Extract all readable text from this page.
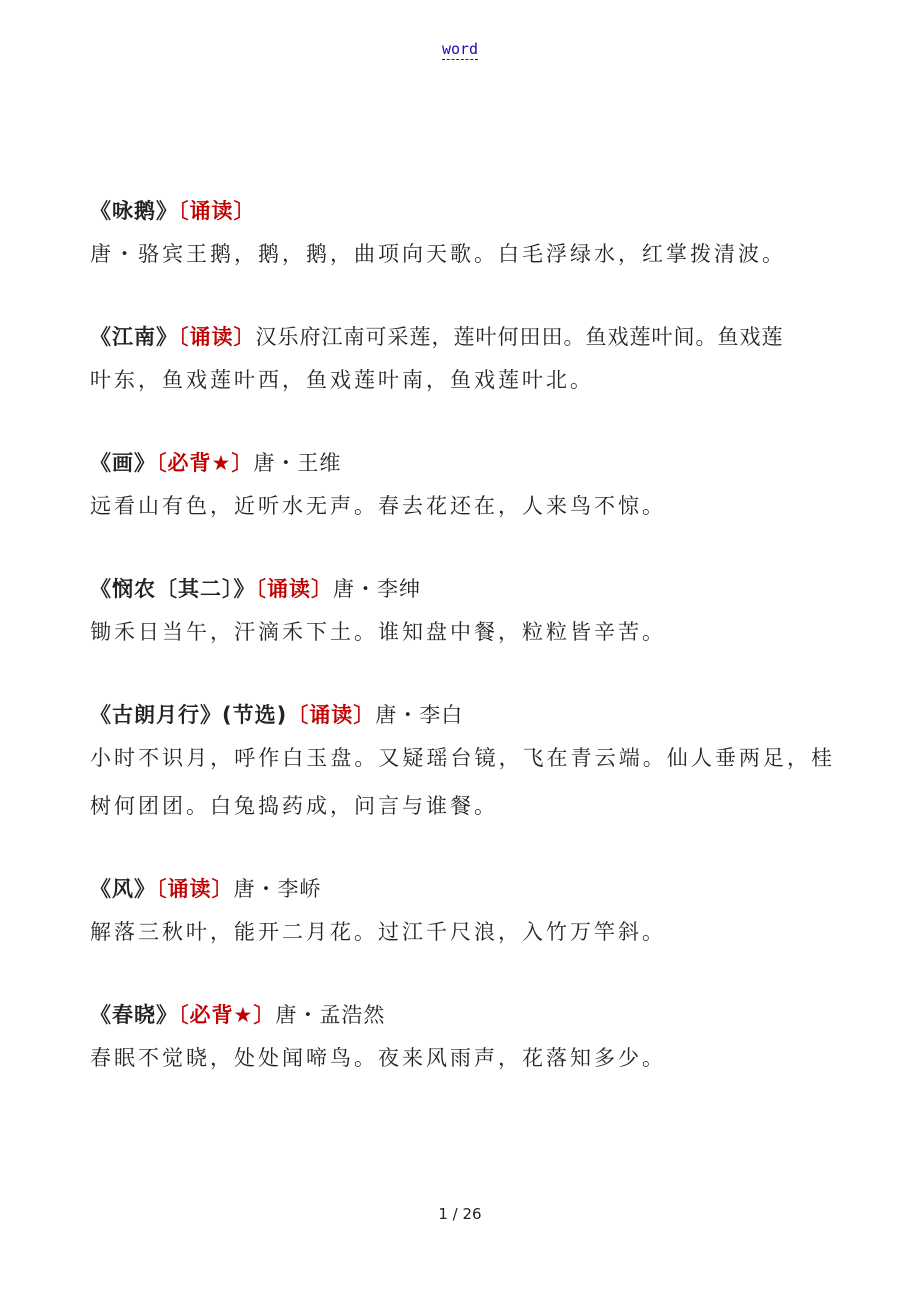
word
《咏鹅》〔诵读〕
唐・骆宾王鹅，鹅，鹅，曲项向天歌。白毛浮绿水，红掌拨清波。
《江南》〔诵读〕汉乐府江南可采莲，莲叶何田田。鱼戏莲叶间。鱼戏莲
叶东，鱼戏莲叶西，鱼戏莲叶南，鱼戏莲叶北。
《画》〔必背★〕唐・王维
远看山有色，近听水无声。春去花还在，人来鸟不惊。
《悯农〔其二〕》〔诵读〕唐・李绅
锄禾日当午，汗滴禾下土。谁知盘中餐，粒粒皆辛苦。
《古朗月行》(节选)〔诵读〕唐・李白
小时不识月，呼作白玉盘。又疑瑶台镜，飞在青云端。仙人垂两足，桂树何团团。白兔捣药成，问言与谁餐。
《风》〔诵读〕唐・李峤
解落三秋叶，能开二月花。过江千尺浪，入竹万竿斜。
《春晓》〔必背★〕唐・孟浩然
春眠不觉晓，处处闻啼鸟。夜来风雨声，花落知多少。
1 / 26
